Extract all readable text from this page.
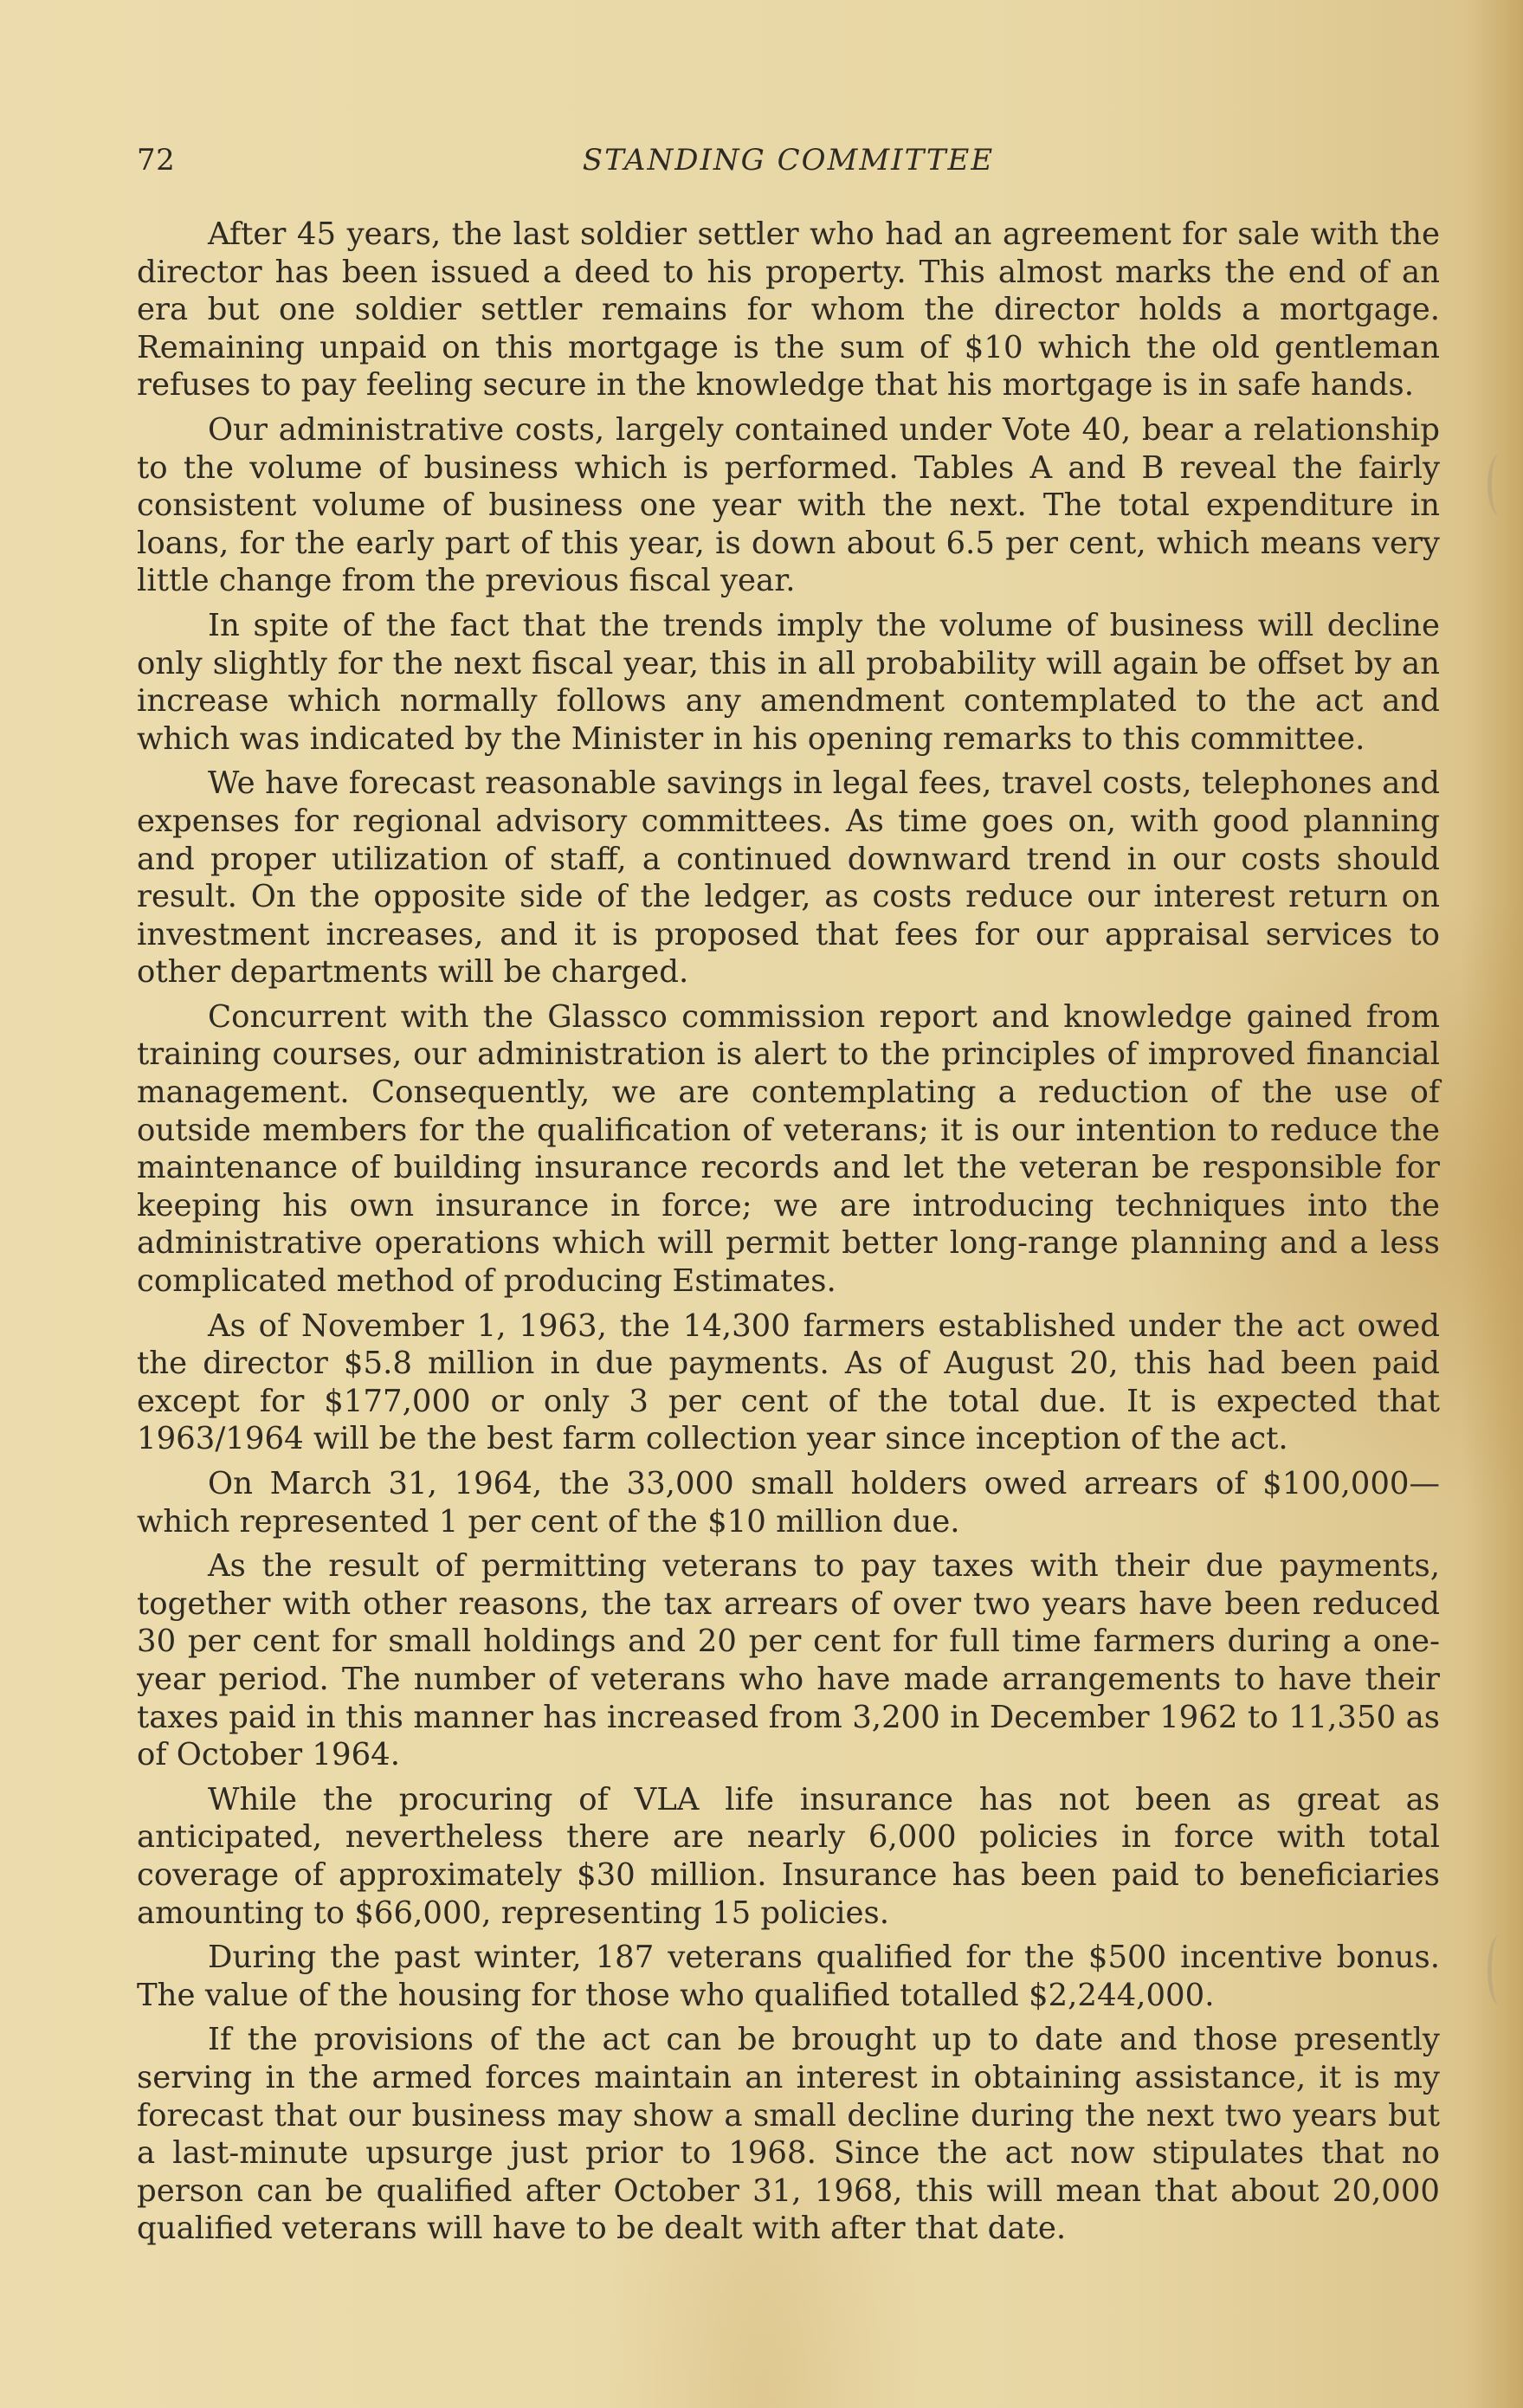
72	STANDING COMMITTEE

After 45 years, the last soldier settler who had an agreement for sale with the director has been issued a deed to his property. This almost marks the end of an era but one soldier settler remains for whom the director holds a mortgage. Remaining unpaid on this mortgage is the sum of $10 which the old gentleman refuses to pay feeling secure in the knowledge that his mortgage is in safe hands.

Our administrative costs, largely contained under Vote 40, bear a relationship to the volume of business which is performed. Tables A and B reveal the fairly consistent volume of business one year with the next. The total expenditure in loans, for the early part of this year, is down about 6.5 per cent, which means very little change from the previous fiscal year.

In spite of the fact that the trends imply the volume of business will decline only slightly for the next fiscal year, this in all probability will again be offset by an increase which normally follows any amendment contemplated to the act and which was indicated by the Minister in his opening remarks to this committee.

We have forecast reasonable savings in legal fees, travel costs, telephones and expenses for regional advisory committees. As time goes on, with good planning and proper utilization of staff, a continued downward trend in our costs should result. On the opposite side of the ledger, as costs reduce our interest return on investment increases, and it is proposed that fees for our appraisal services to other departments will be charged.

Concurrent with the Glassco commission report and knowledge gained from training courses, our administration is alert to the principles of improved financial management. Consequently, we are contemplating a reduction of the use of outside members for the qualification of veterans; it is our intention to reduce the maintenance of building insurance records and let the veteran be responsible for keeping his own insurance in force; we are introducing techniques into the administrative operations which will permit better long-range planning and a less complicated method of producing Estimates.

As of November 1, 1963, the 14,300 farmers established under the act owed the director $5.8 million in due payments. As of August 20, this had been paid except for $177,000 or only 3 per cent of the total due. It is expected that 1963/1964 will be the best farm collection year since inception of the act.

On March 31, 1964, the 33,000 small holders owed arrears of $100,000— which represented 1 per cent of the $10 million due.

As the result of permitting veterans to pay taxes with their due payments, together with other reasons, the tax arrears of over two years have been reduced 30 per cent for small holdings and 20 per cent for full time farmers during a one-year period. The number of veterans who have made arrangements to have their taxes paid in this manner has increased from 3,200 in December 1962 to 11,350 as of October 1964.

While the procuring of VLA life insurance has not been as great as anticipated, nevertheless there are nearly 6,000 policies in force with total coverage of approximately $30 million. Insurance has been paid to beneficiaries amounting to $66,000, representing 15 policies.

During the past winter, 187 veterans qualified for the $500 incentive bonus. The value of the housing for those who qualified totalled $2,244,000.

If the provisions of the act can be brought up to date and those presently serving in the armed forces maintain an interest in obtaining assistance, it is my forecast that our business may show a small decline during the next two years but a last-minute upsurge just prior to 1968. Since the act now stipulates that no person can be qualified after October 31, 1968, this will mean that about 20,000 qualified veterans will have to be dealt with after that date.
